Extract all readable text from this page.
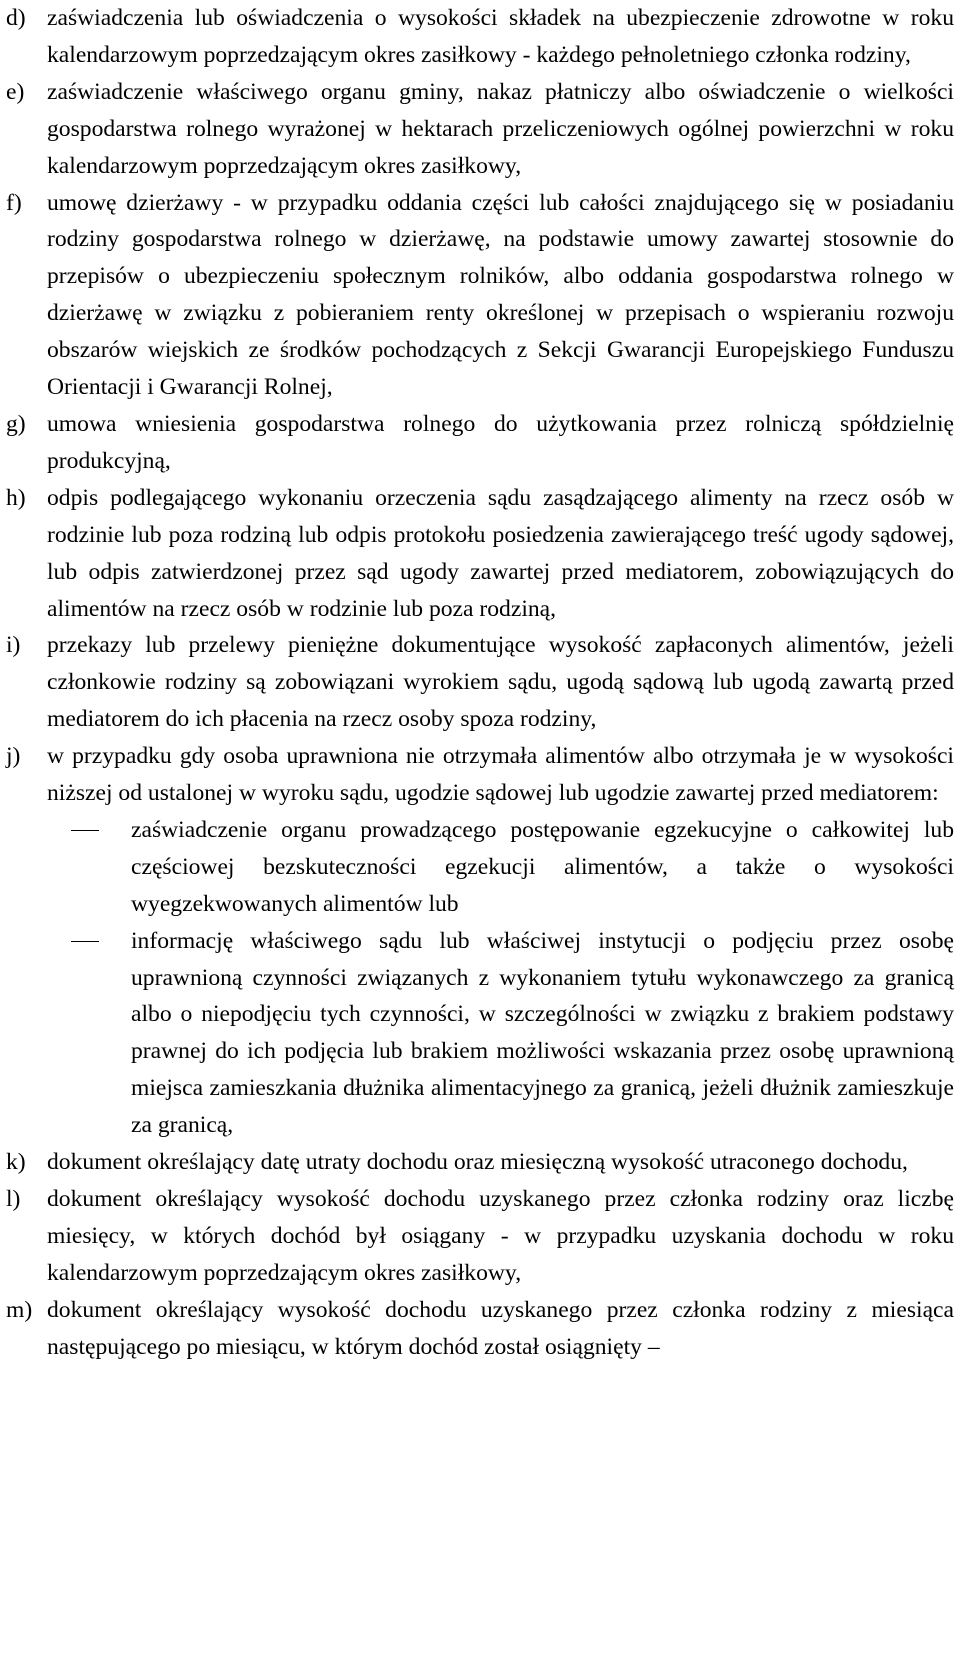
d) zaświadczenia lub oświadczenia o wysokości składek na ubezpieczenie zdrowotne w roku kalendarzowym poprzedzającym okres zasiłkowy - każdego pełnoletniego członka rodziny,
e) zaświadczenie właściwego organu gminy, nakaz płatniczy albo oświadczenie o wielkości gospodarstwa rolnego wyrażonej w hektarach przeliczeniowych ogólnej powierzchni w roku kalendarzowym poprzedzającym okres zasiłkowy,
f) umowę dzierżawy - w przypadku oddania części lub całości znajdującego się w posiadaniu rodziny gospodarstwa rolnego w dzierżawę, na podstawie umowy zawartej stosownie do przepisów o ubezpieczeniu społecznym rolników, albo oddania gospodarstwa rolnego w dzierżawę w związku z pobieraniem renty określonej w przepisach o wspieraniu rozwoju obszarów wiejskich ze środków pochodzących z Sekcji Gwarancji Europejskiego Funduszu Orientacji i Gwarancji Rolnej,
g) umowa wniesienia gospodarstwa rolnego do użytkowania przez rolniczą spółdzielnię produkcyjną,
h) odpis podlegającego wykonaniu orzeczenia sądu zasądzającego alimenty na rzecz osób w rodzinie lub poza rodziną lub odpis protokołu posiedzenia zawierającego treść ugody sądowej, lub odpis zatwierdzonej przez sąd ugody zawartej przed mediatorem, zobowiązujących do alimentów na rzecz osób w rodzinie lub poza rodziną,
i) przekazy lub przelewy pieniężne dokumentujące wysokość zapłaconych alimentów, jeżeli członkowie rodziny są zobowiązani wyrokiem sądu, ugodą sądową lub ugodą zawartą przed mediatorem do ich płacenia na rzecz osoby spoza rodziny,
j) w przypadku gdy osoba uprawniona nie otrzymała alimentów albo otrzymała je w wysokości niższej od ustalonej w wyroku sądu, ugodzie sądowej lub ugodzie zawartej przed mediatorem:
zaświadczenie organu prowadzącego postępowanie egzekucyjne o całkowitej lub częściowej bezskuteczności egzekucji alimentów, a także o wysokości wyegzekwowanych alimentów lub
informację właściwego sądu lub właściwej instytucji o podjęciu przez osobę uprawnioną czynności związanych z wykonaniem tytułu wykonawczego za granicą albo o niepodjęciu tych czynności, w szczególności w związku z brakiem podstawy prawnej do ich podjęcia lub brakiem możliwości wskazania przez osobę uprawnioną miejsca zamieszkania dłużnika alimentacyjnego za granicą, jeżeli dłużnik zamieszkuje za granicą,
k) dokument określający datę utraty dochodu oraz miesięczną wysokość utraconego dochodu,
l) dokument określający wysokość dochodu uzyskanego przez członka rodziny oraz liczbę miesięcy, w których dochód był osiągany - w przypadku uzyskania dochodu w roku kalendarzowym poprzedzającym okres zasiłkowy,
m) dokument określający wysokość dochodu uzyskanego przez członka rodziny z miesiąca następującego po miesiącu, w którym dochód został osiągnięty –
